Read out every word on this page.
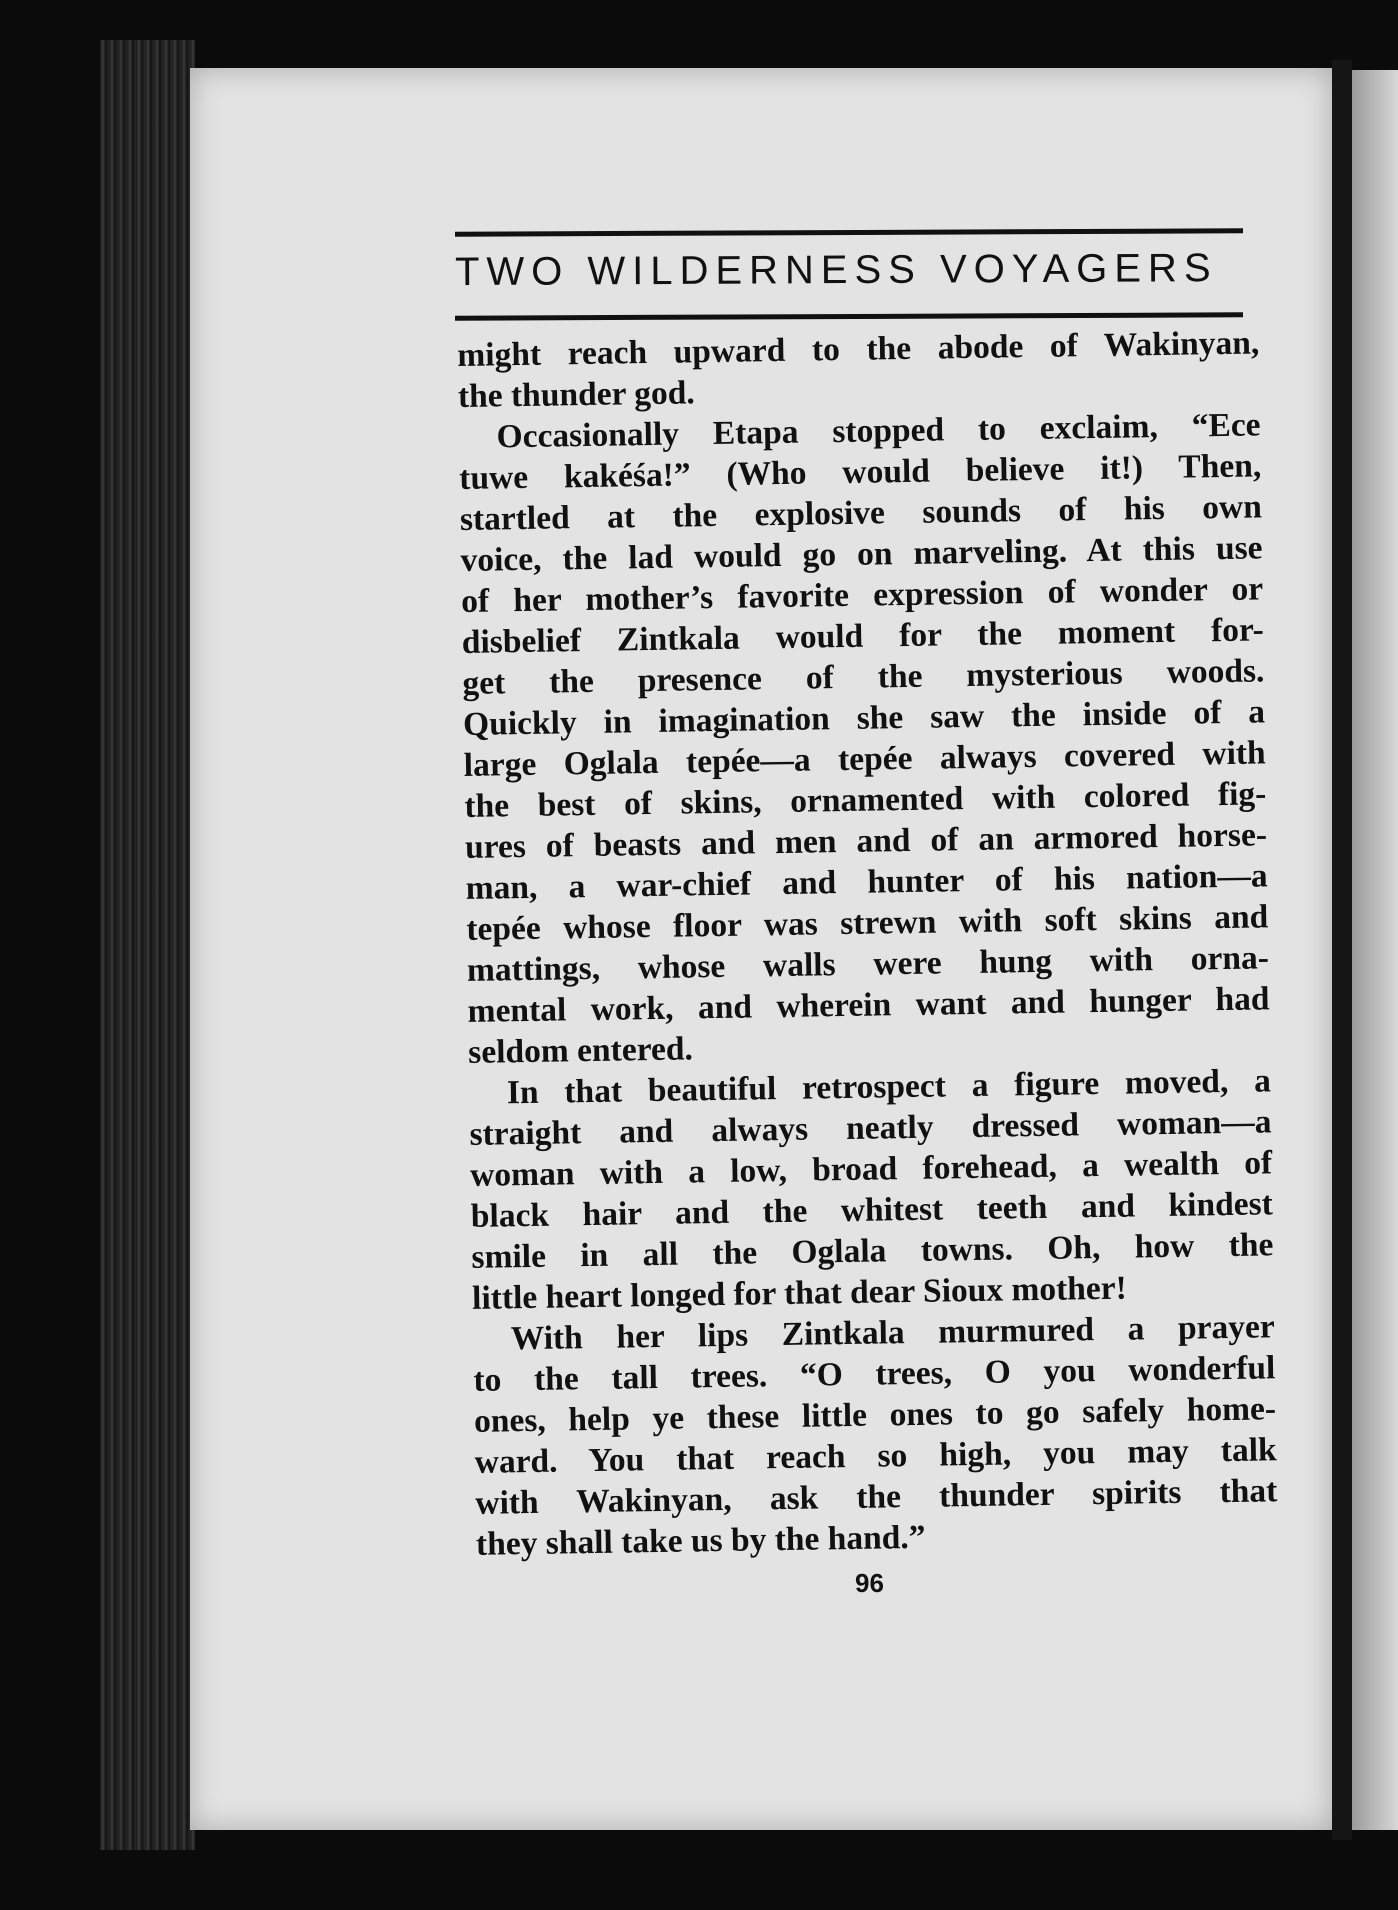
TWO WILDERNESS VOYAGERS
might reach upward to the abode of Wakinyan,
the thunder god.
Occasionally Etapa stopped to exclaim, “Ece
tuwe kakéśa!” (Who would believe it!) Then,
startled at the explosive sounds of his own
voice, the lad would go on marveling. At this use
of her mother’s favorite expression of wonder or
disbelief Zintkala would for the moment for-
get the presence of the mysterious woods.
Quickly in imagination she saw the inside of a
large Oglala tepée—a tepée always covered with
the best of skins, ornamented with colored fig-
ures of beasts and men and of an armored horse-
man, a war-chief and hunter of his nation—a
tepée whose floor was strewn with soft skins and
mattings, whose walls were hung with orna-
mental work, and wherein want and hunger had
seldom entered.
In that beautiful retrospect a figure moved, a
straight and always neatly dressed woman—a
woman with a low, broad forehead, a wealth of
black hair and the whitest teeth and kindest
smile in all the Oglala towns. Oh, how the
little heart longed for that dear Sioux mother!
With her lips Zintkala murmured a prayer
to the tall trees. “O trees, O you wonderful
ones, help ye these little ones to go safely home-
ward. You that reach so high, you may talk
with Wakinyan, ask the thunder spirits that
they shall take us by the hand.”
96
